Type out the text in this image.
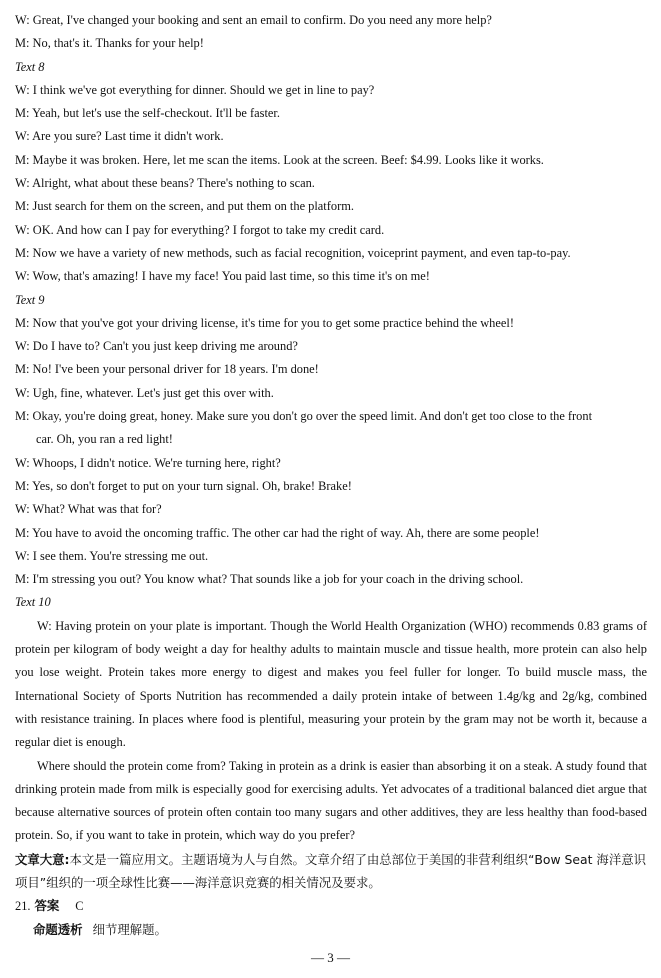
W: Great, I've changed your booking and sent an email to confirm. Do you need any more help?
M: No, that's it. Thanks for your help!
Text 8
W: I think we've got everything for dinner. Should we get in line to pay?
M: Yeah, but let's use the self-checkout. It'll be faster.
W: Are you sure? Last time it didn't work.
M: Maybe it was broken. Here, let me scan the items. Look at the screen. Beef: $4.99. Looks like it works.
W: Alright, what about these beans? There's nothing to scan.
M: Just search for them on the screen, and put them on the platform.
W: OK. And how can I pay for everything? I forgot to take my credit card.
M: Now we have a variety of new methods, such as facial recognition, voiceprint payment, and even tap-to-pay.
W: Wow, that's amazing! I have my face! You paid last time, so this time it's on me!
Text 9
M: Now that you've got your driving license, it's time for you to get some practice behind the wheel!
W: Do I have to? Can't you just keep driving me around?
M: No! I've been your personal driver for 18 years. I'm done!
W: Ugh, fine, whatever. Let's just get this over with.
M: Okay, you're doing great, honey. Make sure you don't go over the speed limit. And don't get too close to the front
car. Oh, you ran a red light!
W: Whoops, I didn't notice. We're turning here, right?
M: Yes, so don't forget to put on your turn signal. Oh, brake! Brake!
W: What? What was that for?
M: You have to avoid the oncoming traffic. The other car had the right of way. Ah, there are some people!
W: I see them. You're stressing me out.
M: I'm stressing you out? You know what? That sounds like a job for your coach in the driving school.
Text 10

W: Having protein on your plate is important. Though the World Health Organization (WHO) recommends 0.83 grams of protein per kilogram of body weight a day for healthy adults to maintain muscle and tissue health, more protein can also help you lose weight. Protein takes more energy to digest and makes you feel fuller for longer. To build muscle mass, the International Society of Sports Nutrition has recommended a daily protein intake of between 1.4g/kg and 2g/kg, combined with resistance training. In places where food is plentiful, measuring your protein by the gram may not be worth it, because a regular diet is enough.

Where should the protein come from? Taking in protein as a drink is easier than absorbing it on a steak. A study found that drinking protein made from milk is especially good for exercising adults. Yet advocates of a traditional balanced diet argue that because alternative sources of protein often contain too many sugars and other additives, they are less healthy than food-based protein. So, if you want to take in protein, which way do you prefer?

文章大意:本文是一篇应用文。主题语境为人与自然。文章介绍了由总部位于美国的非营利组织“Bow Seat 海洋意识项目”组织的一项全球性比赛——海洋意识竞赛的相关情况及要求。

21. 答案 C
命题透析 细节理解题。
— 3 —
